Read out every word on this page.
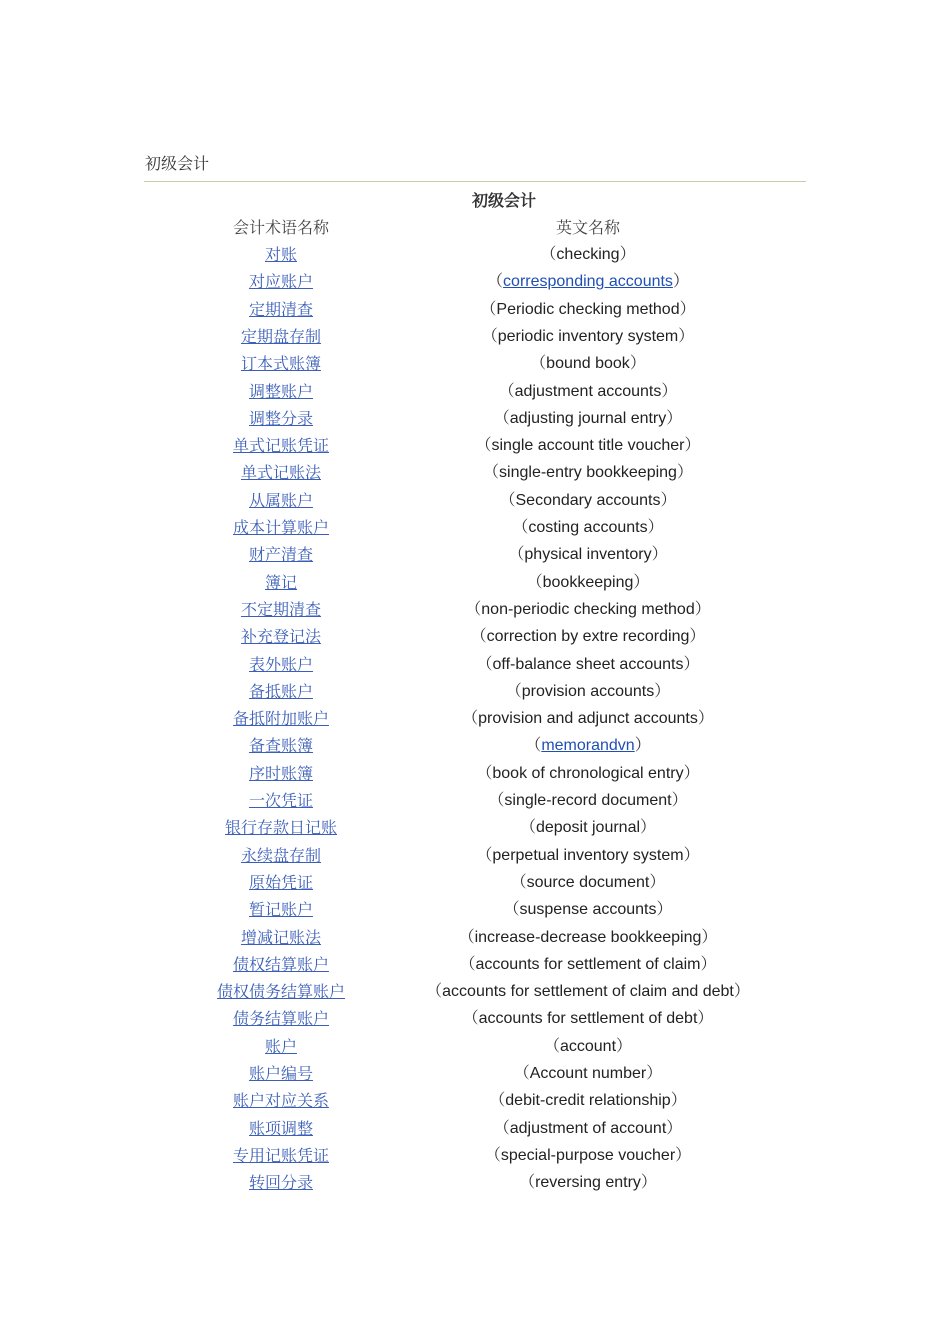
初级会计
初级会计
会计术语名称	英文名称
对账	（checking）
对应账户	（corresponding accounts）
定期清查	（Periodic checking method）
定期盘存制	（periodic inventory system）
订本式账簿	（bound book）
调整账户	（adjustment accounts）
调整分录	（adjusting journal entry）
单式记账凭证	（single account title voucher）
单式记账法	（single-entry bookkeeping）
从属账户	（Secondary accounts）
成本计算账户	（costing accounts）
财产清查	（physical inventory）
簿记	（bookkeeping）
不定期清查	（non-periodic checking method）
补充登记法	（correction by extre recording）
表外账户	（off-balance sheet accounts）
备抵账户	（provision accounts）
备抵附加账户	（provision and adjunct accounts）
备查账簿	（memorandvn）
序时账簿	（book of chronological entry）
一次凭证	（single-record document）
银行存款日记账	（deposit journal）
永续盘存制	（perpetual inventory system）
原始凭证	（source document）
暂记账户	（suspense accounts）
增减记账法	（increase-decrease bookkeeping）
债权结算账户	（accounts for settlement of claim）
债权债务结算账户	（accounts for settlement of claim and debt）
债务结算账户	（accounts for settlement of debt）
账户	（account）
账户编号	（Account number）
账户对应关系	（debit-credit relationship）
账项调整	（adjustment of account）
专用记账凭证	（special-purpose voucher）
转回分录	（reversing entry）
